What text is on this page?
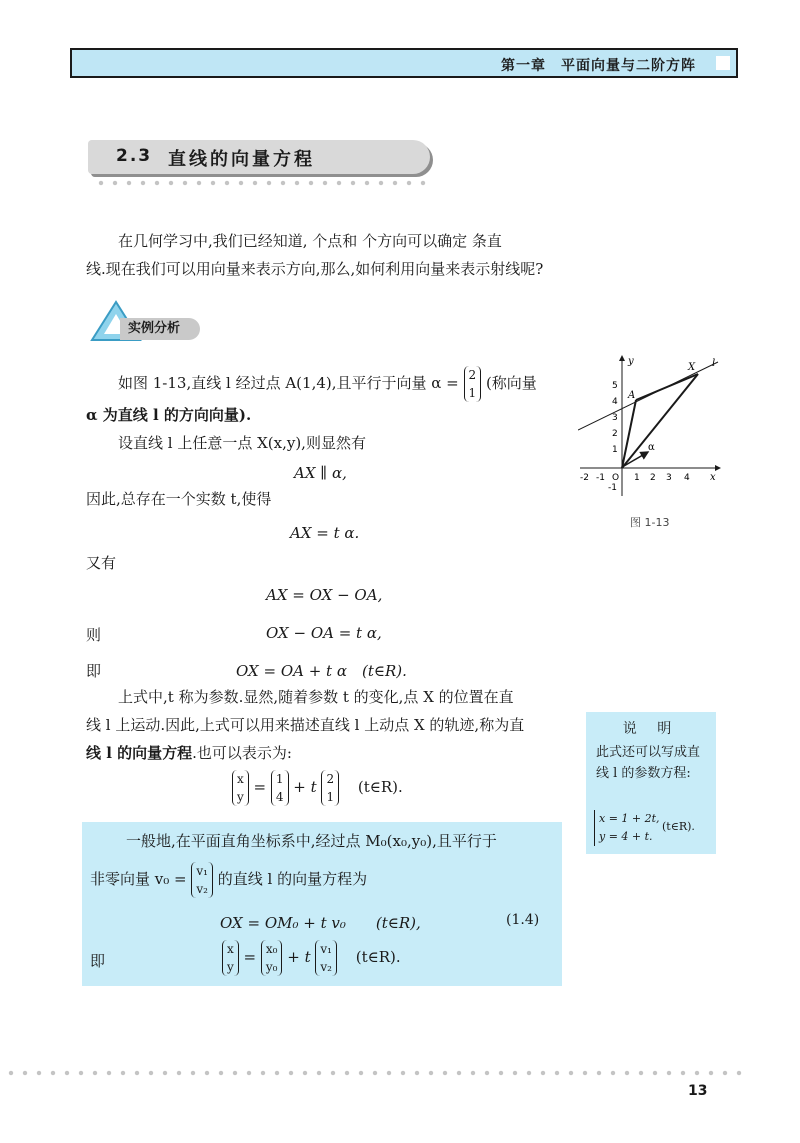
第一章　平面向量与二阶方阵
2.3 直线的向量方程
在几何学习中,我们已经知道, 个点和 个方向可以确定 条直
线.现在我们可以用向量来表示方向,那么,如何利用向量来表示射线呢?
实例分析
如图 1-13,直线 l 经过点 A(1,4),且平行于向量 α = 2
1 (称向量
α 为直线 l 的方向向量).
设直线 l 上任意一点 X(x,y),则显然有
AX ∥ α,
因此,总存在一个实数 t,使得
AX = t α.
又有
AX = OX − OA,
则	OX − OA = t α,
即	OX = OA + t α　(t∈R).
上式中,t 称为参数.显然,随着参数 t 的变化,点 X 的位置在直
线 l 上运动.因此,上式可以用来描述直线 l 上动点 X 的轨迹,称为直
线 l 的向量方程.也可以表示为:
x
y = 1
4 + t 2
1 (t∈R).
y
x
l
A
X
α
-2 -1 O 1 2 3 4
5
4
3
2
1
-1
图 1-13
说 明
此式还可以写成直线 l 的参数方程:
x = 1 + 2t,
y = 4 + t.
(t∈R).
一般地,在平面直角坐标系中,经过点 M₀(x₀,y₀),且平行于
非零向量 v₀ = v₁
v₂ 的直线 l 的向量方程为
OX = OM₀ + t v₀　　(t∈R),	(1.4)
即
x
y = x₀
y₀ + t v₁
v₂ (t∈R).
13
